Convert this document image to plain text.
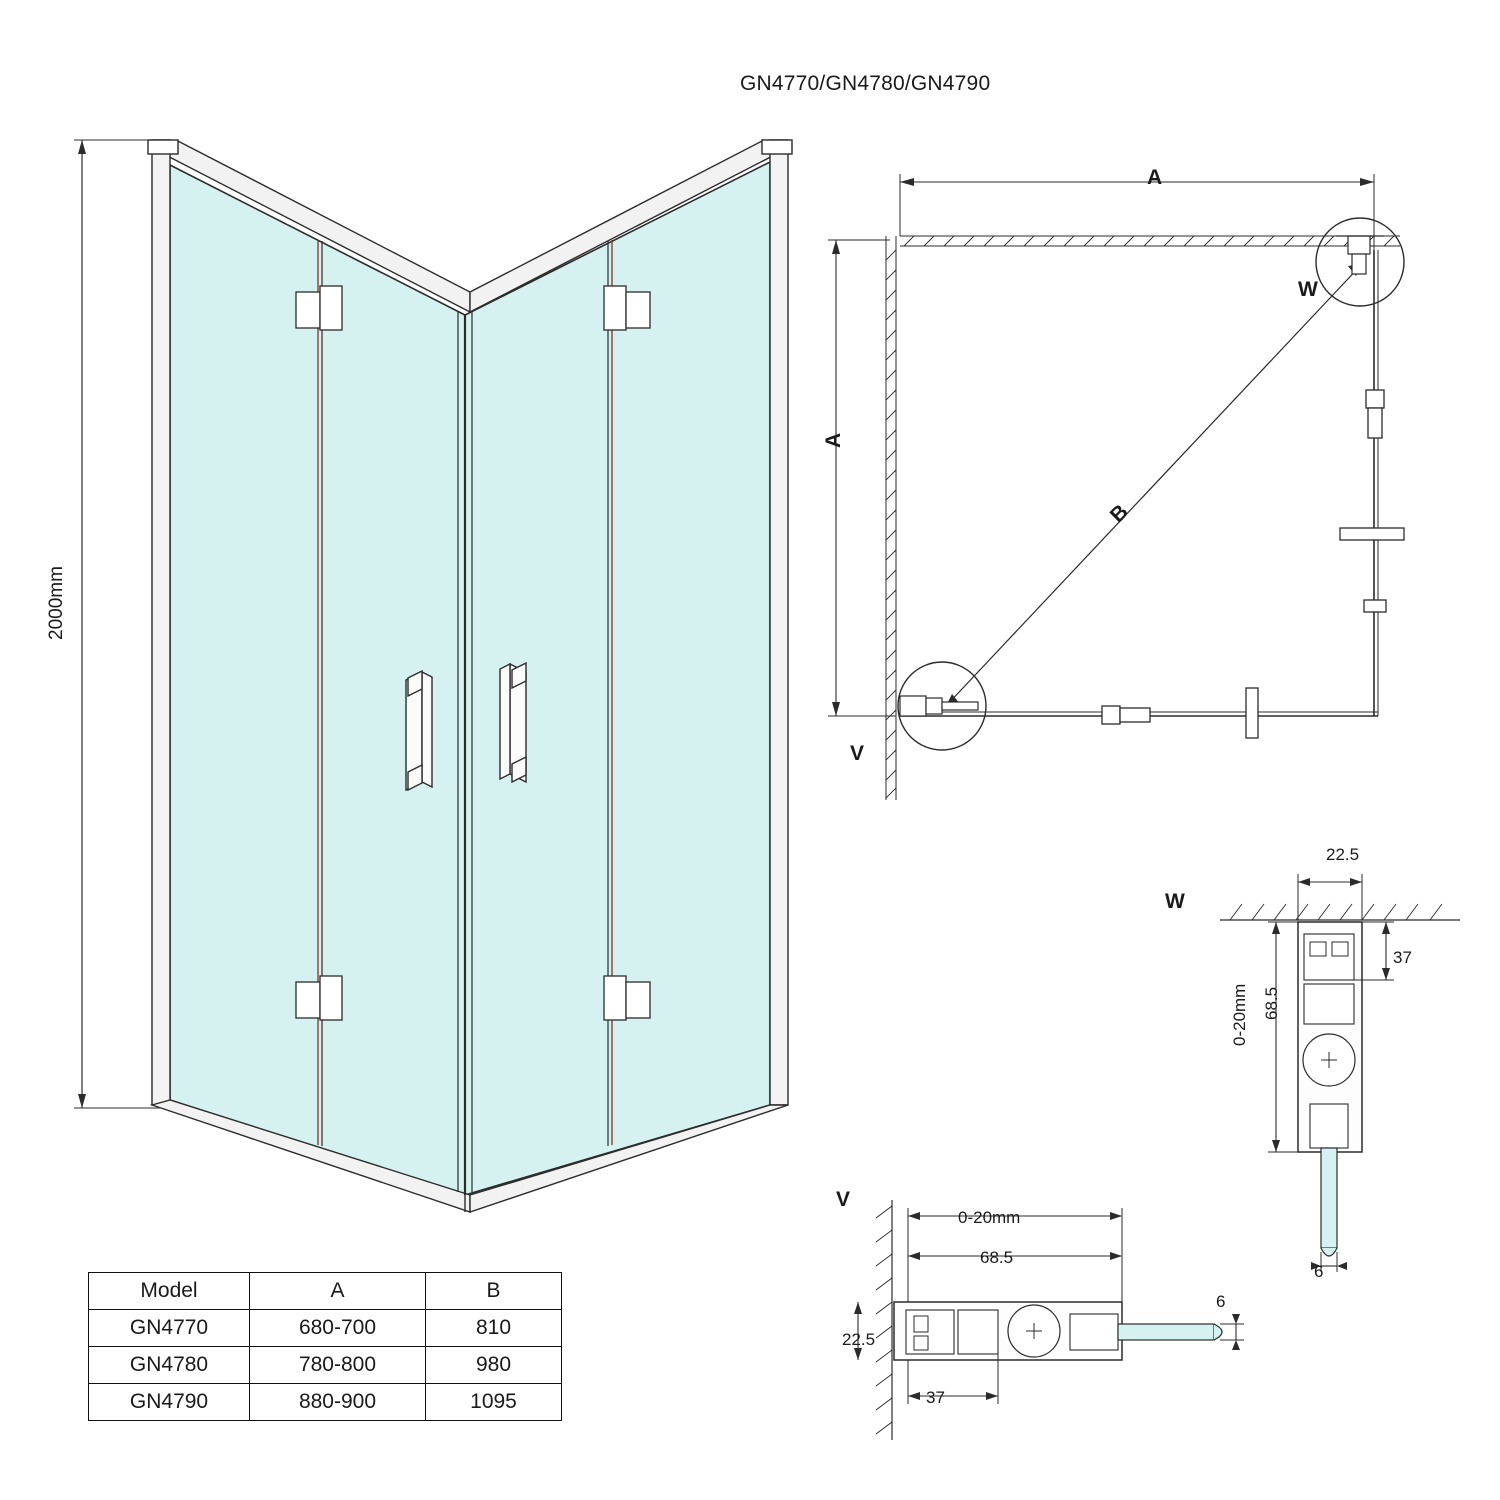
GN4770/GN4780/GN4790
2000mm
A
A
B
W
V
W
22.5
37
68.5
0-20mm
6
V
0-20mm
68.5
37
22.5
6
Model	A	B
GN4770	680-700	810
GN4780	780-800	980
GN4790	880-900	1095
